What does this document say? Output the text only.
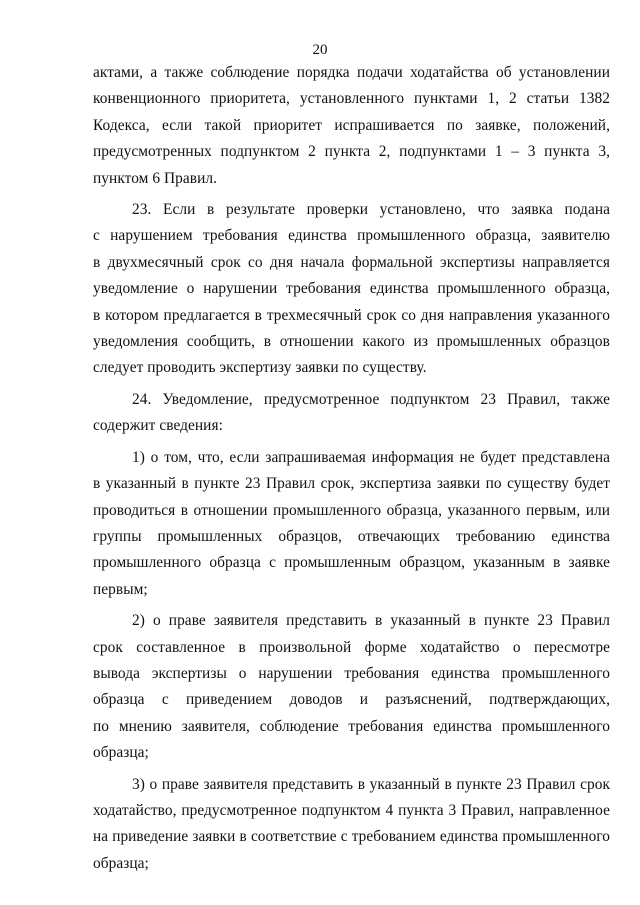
20
актами, а также соблюдение порядка подачи ходатайства об установлении
конвенционного приоритета, установленного пунктами 1, 2 статьи 1382
Кодекса, если такой приоритет испрашивается по заявке, положений,
предусмотренных подпунктом 2 пункта 2, подпунктами 1 – 3 пункта 3,
пунктом 6 Правил.
23. Если в результате проверки установлено, что заявка подана
с нарушением требования единства промышленного образца, заявителю
в двухмесячный срок со дня начала формальной экспертизы направляется
уведомление о нарушении требования единства промышленного образца,
в котором предлагается в трехмесячный срок со дня направления указанного
уведомления сообщить, в отношении какого из промышленных образцов
следует проводить экспертизу заявки по существу.
24. Уведомление, предусмотренное подпунктом 23 Правил, также
содержит сведения:
1) о том, что, если запрашиваемая информация не будет представлена
в указанный в пункте 23 Правил срок, экспертиза заявки по существу будет
проводиться в отношении промышленного образца, указанного первым, или
группы промышленных образцов, отвечающих требованию единства
промышленного образца с промышленным образцом, указанным в заявке
первым;
2) о праве заявителя представить в указанный в пункте 23 Правил
срок составленное в произвольной форме ходатайство о пересмотре
вывода экспертизы о нарушении требования единства промышленного
образца с приведением доводов и разъяснений, подтверждающих,
по мнению заявителя, соблюдение требования единства промышленного
образца;
3) о праве заявителя представить в указанный в пункте 23 Правил срок
ходатайство, предусмотренное подпунктом 4 пункта 3 Правил, направленное
на приведение заявки в соответствие с требованием единства промышленного
образца;
